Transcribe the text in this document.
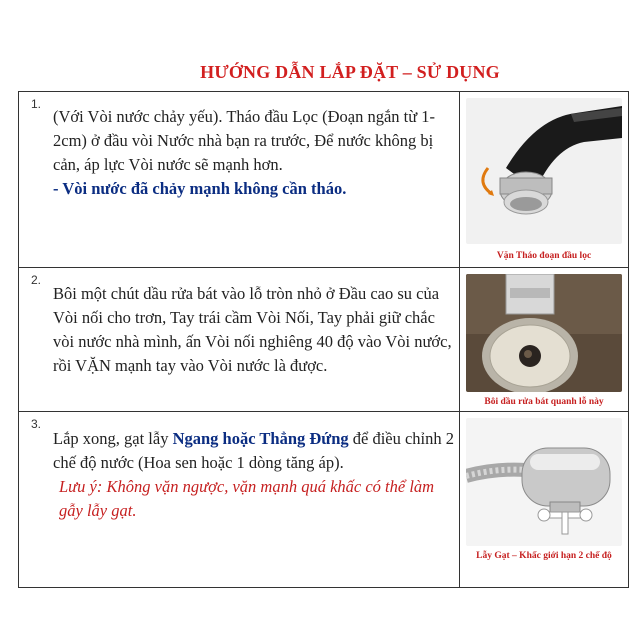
HƯỚNG DẪN LẮP ĐẶT – SỬ DỤNG
1.
(Với Vòi nước chảy yếu). Tháo đầu Lọc (Đoạn ngắn từ 1-2cm) ở đầu vòi Nước nhà bạn ra trước, Để nước không bị cản, áp lực Vòi nước sẽ mạnh hơn.
- Vòi nước đã chảy mạnh không cần tháo.	Vặn Tháo đoạn đầu lọc

2.
Bôi một chút dầu rửa bát vào lỗ tròn nhỏ ở Đầu cao su của Vòi nối cho trơn, Tay trái cầm Vòi Nối, Tay phải giữ chắc vòi nước nhà mình, ấn Vòi nối nghiêng 40 độ vào Vòi nước, rồi VẶN mạnh tay vào Vòi nước là được.	Bôi dầu rửa bát quanh lỗ này

3.
Lắp xong, gạt lẫy Ngang hoặc Thẳng Đứng để điều chỉnh 2 chế độ nước (Hoa sen hoặc 1 dòng tăng áp).
Lưu ý: Không vặn ngược, vặn mạnh quá khấc có thể làm gẫy lẫy gạt.	Lẫy Gạt – Khấc giới hạn 2 chế độ
